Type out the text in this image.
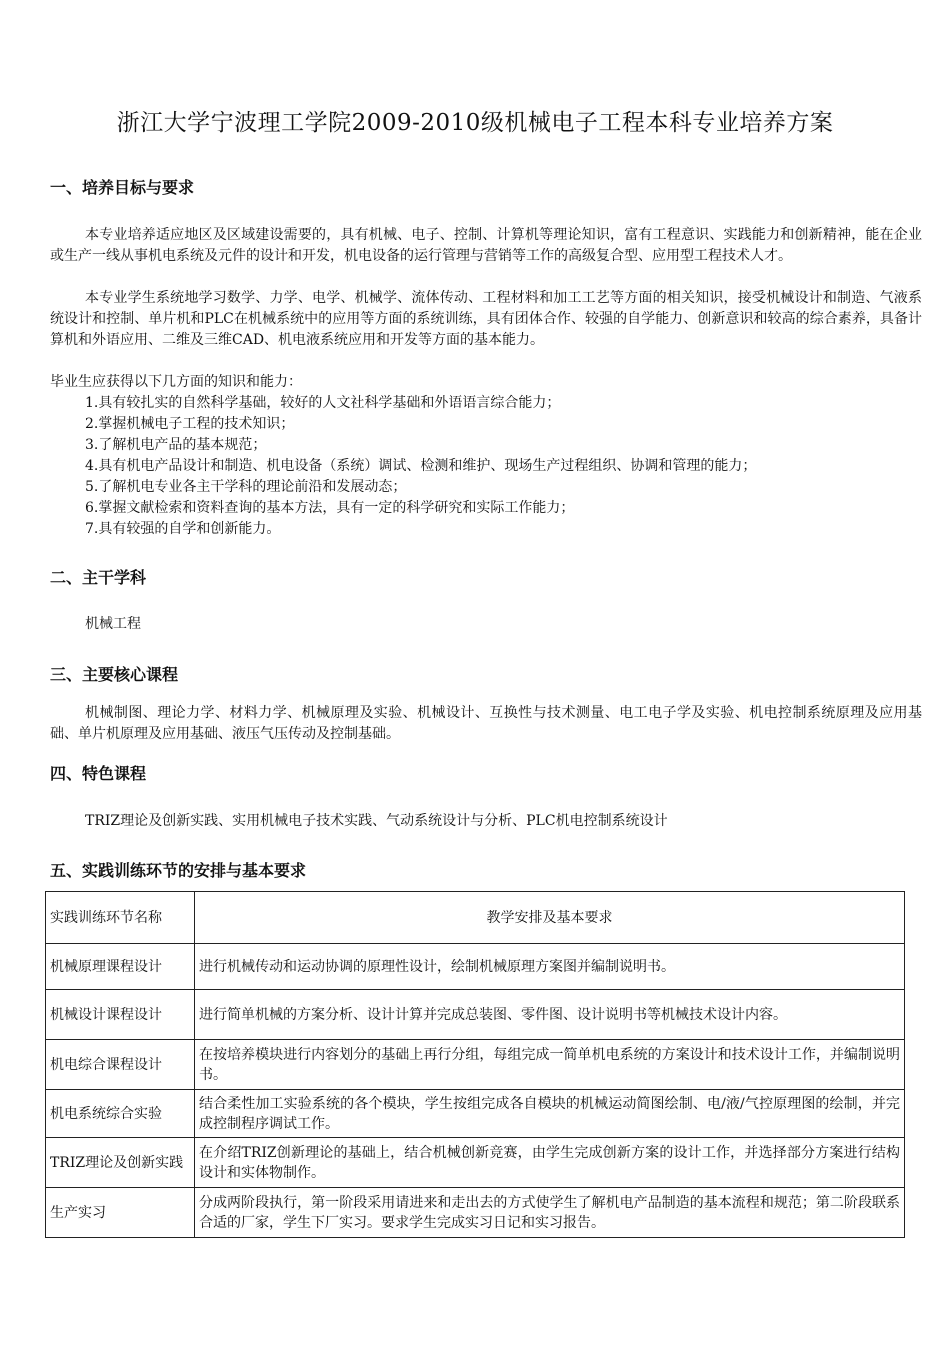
浙江大学宁波理工学院2009-2010级机械电子工程本科专业培养方案
一、培养目标与要求

本专业培养适应地区及区域建设需要的，具有机械、电子、控制、计算机等理论知识，富有工程意识、实践能力和创新精神，能在企业或生产一线从事机电系统及元件的设计和开发，机电设备的运行管理与营销等工作的高级复合型、应用型工程技术人才。

本专业学生系统地学习数学、力学、电学、机械学、流体传动、工程材料和加工工艺等方面的相关知识，接受机械设计和制造、气液系统设计和控制、单片机和PLC在机械系统中的应用等方面的系统训练，具有团体合作、较强的自学能力、创新意识和较高的综合素养，具备计算机和外语应用、二维及三维CAD、机电液系统应用和开发等方面的基本能力。

毕业生应获得以下几方面的知识和能力：

1.具有较扎实的自然科学基础，较好的人文社科学基础和外语语言综合能力；
2.掌握机械电子工程的技术知识；
3.了解机电产品的基本规范；
4.具有机电产品设计和制造、机电设备（系统）调试、检测和维护、现场生产过程组织、协调和管理的能力；
5.了解机电专业各主干学科的理论前沿和发展动态；
6.掌握文献检索和资料查询的基本方法，具有一定的科学研究和实际工作能力；
7.具有较强的自学和创新能力。
二、主干学科

机械工程

三、主要核心课程

机械制图、理论力学、材料力学、机械原理及实验、机械设计、互换性与技术测量、电工电子学及实验、机电控制系统原理及应用基础、单片机原理及应用基础、液压气压传动及控制基础。

四、特色课程

TRIZ理论及创新实践、实用机械电子技术实践、气动系统设计与分析、PLC机电控制系统设计

五、实践训练环节的安排与基本要求
实践训练环节名称	教学安排及基本要求
机械原理课程设计	进行机械传动和运动协调的原理性设计，绘制机械原理方案图并编制说明书。
机械设计课程设计	进行简单机械的方案分析、设计计算并完成总装图、零件图、设计说明书等机械技术设计内容。
机电综合课程设计	在按培养模块进行内容划分的基础上再行分组，每组完成一简单机电系统的方案设计和技术设计工作，并编制说明书。
机电系统综合实验	结合柔性加工实验系统的各个模块，学生按组完成各自模块的机械运动简图绘制、电/液/气控原理图的绘制，并完成控制程序调试工作。
TRIZ理论及创新实践	在介绍TRIZ创新理论的基础上，结合机械创新竞赛，由学生完成创新方案的设计工作，并选择部分方案进行结构设计和实体物制作。
生产实习	分成两阶段执行，第一阶段采用请进来和走出去的方式使学生了解机电产品制造的基本流程和规范；第二阶段联系合适的厂家，学生下厂实习。要求学生完成实习日记和实习报告。
